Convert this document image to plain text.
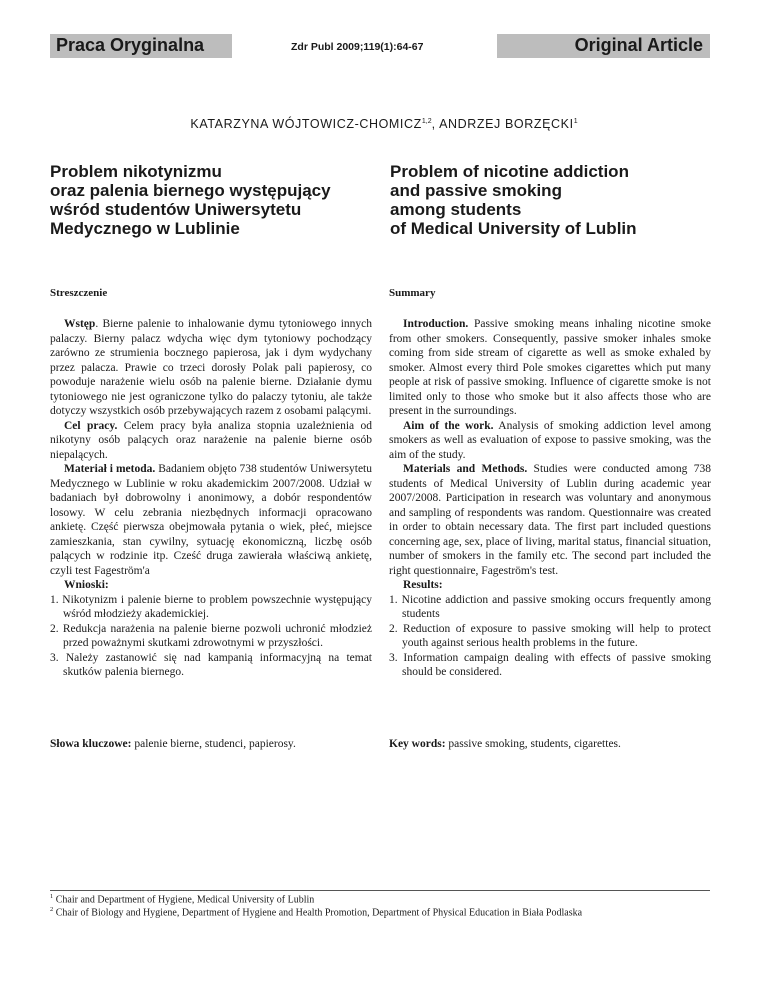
Praca Oryginalna	Zdr Publ 2009;119(1):64-67	Original Article
KATARZYNA WÓJTOWICZ-CHOMICZ$^{1,2}$, ANDRZEJ BORZĘCKI$^1$
Problem nikotynizmu
oraz palenia biernego występujący
wśród studentów Uniwersytetu
Medycznego w Lublinie
Problem of nicotine addiction
and passive smoking
among students
of Medical University of Lublin
Streszczenie	Summary

Wstęp. Bierne palenie to inhalowanie dymu tytoniowego innych palaczy. Bierny palacz wdycha więc dym tytoniowy pochodzący zarówno ze strumienia bocznego papierosa, jak i dym wydychany przez palacza. Prawie co trzeci dorosły Polak pali papierosy, co powoduje narażenie wielu osób na palenie bierne. Działanie dymu tytoniowego nie jest ograniczone tylko do palaczy tytoniu, ale także dotyczy wszystkich osób przebywających razem z osobami palącymi.

Cel pracy. Celem pracy była analiza stopnia uzależnienia od nikotyny osób palących oraz narażenie na palenie bierne osób niepalących.

Materiał i metoda. Badaniem objęto 738 studentów Uniwersytetu Medycznego w Lublinie w roku akademickim 2007/2008. Udział w badaniach był dobrowolny i anonimowy, a dobór respondentów losowy. W celu zebrania niezbędnych informacji opracowano ankietę. Część pierwsza obejmowała pytania o wiek, płeć, miejsce zamieszkania, stan cywilny, sytuację ekonomiczną, liczbę osób palących w rodzinie itp. Cześć druga zawierała właściwą ankietę, czyli test Fageström'a

Wnioski:

1. Nikotynizm i palenie bierne to problem powszechnie występujący wśród młodzieży akademickiej.
2. Redukcja narażenia na palenie bierne pozwoli uchronić młodzież przed poważnymi skutkami zdrowotnymi w przyszłości.
3. Należy zastanowić się nad kampanią informacyjną na temat skutków palenia biernego.

Introduction. Passive smoking means inhaling nicotine smoke from other smokers. Consequently, passive smoker inhales smoke coming from side stream of cigarette as well as smoke exhaled by smoker. Almost every third Pole smokes cigarettes which put many people at risk of passive smoking. Influence of cigarette smoke is not limited only to those who smoke but it also affects those who are present in the surroundings.

Aim of the work. Analysis of smoking addiction level among smokers as well as evaluation of expose to passive smoking, was the aim of the study.

Materials and Methods. Studies were conducted among 738 students of Medical University of Lublin during academic year 2007/2008. Participation in research was voluntary and anonymous and sampling of respondents was random. Questionnaire was created in order to obtain necessary data. The first part included questions concerning age, sex, place of living, marital status, financial situation, number of smokers in the family etc. The second part included the right questionnaire, Fageström's test.

Results:

1. Nicotine addiction and passive smoking occurs frequently among students
2. Reduction of exposure to passive smoking will help to protect youth against serious health problems in the future.
3. Information campaign dealing with effects of passive smoking should be considered.
Słowa kluczowe: palenie bierne, studenci, papierosy.	Key words: passive smoking, students, cigarettes.
$^1$ Chair and Department of Hygiene, Medical University of Lublin
$^2$ Chair of Biology and Hygiene, Department of Hygiene and Health Promotion, Department of Physical Education in Biała Podlaska
